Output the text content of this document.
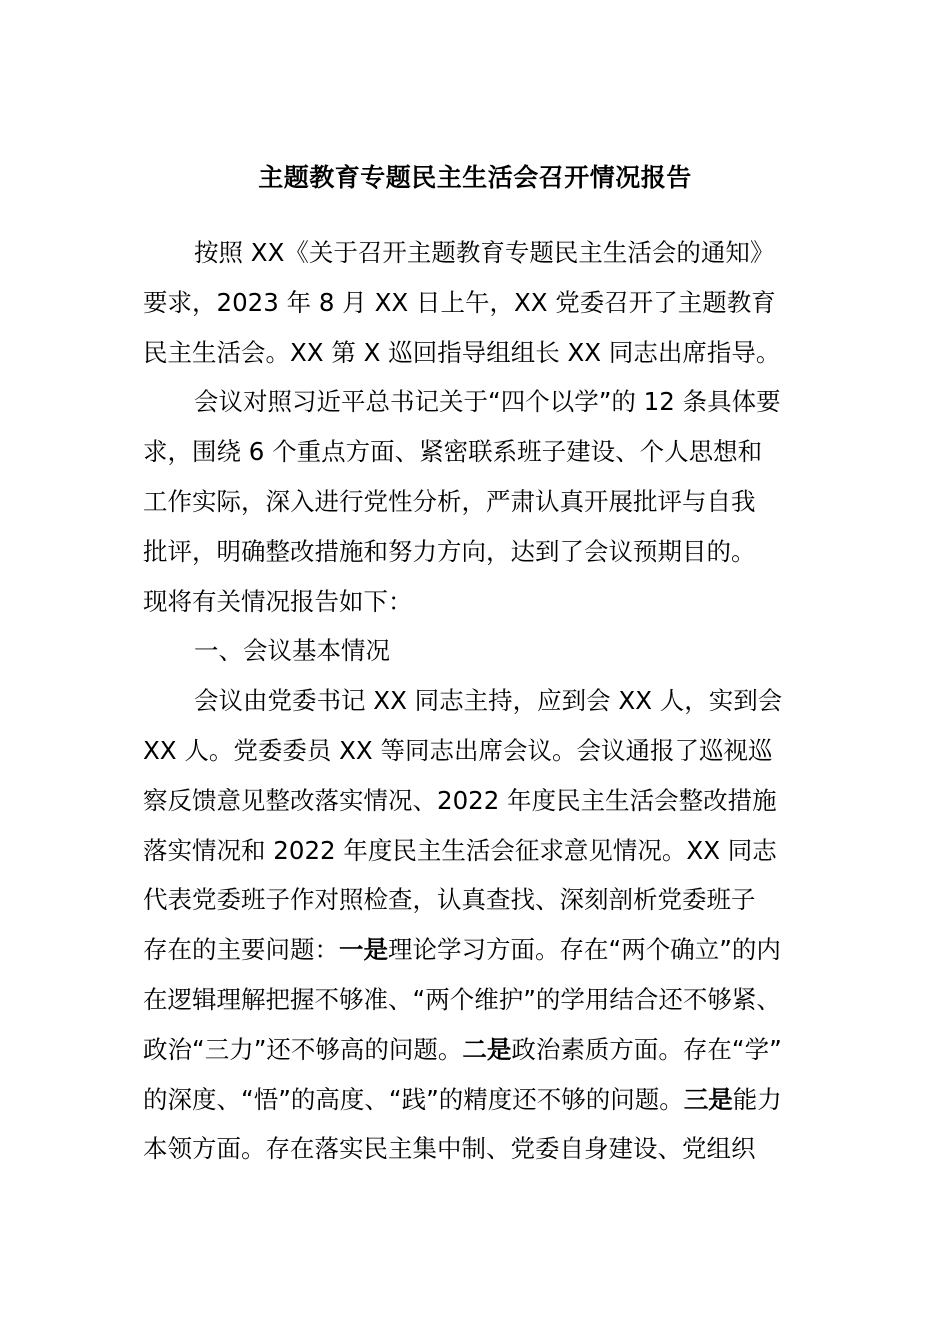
主题教育专题民主生活会召开情况报告
按照 XX《关于召开主题教育专题民主生活会的通知》
要求，2023 年 8 月 XX 日上午，XX 党委召开了主题教育
民主生活会。XX 第 X 巡回指导组组长 XX 同志出席指导。
会议对照习近平总书记关于“四个以学”的 12 条具体要
求，围绕 6 个重点方面、紧密联系班子建设、个人思想和
工作实际，深入进行党性分析，严肃认真开展批评与自我
批评，明确整改措施和努力方向，达到了会议预期目的。
现将有关情况报告如下：
一、会议基本情况
会议由党委书记 XX 同志主持，应到会 XX 人，实到会
XX 人。党委委员 XX 等同志出席会议。会议通报了巡视巡
察反馈意见整改落实情况、2022 年度民主生活会整改措施
落实情况和 2022 年度民主生活会征求意见情况。XX 同志
代表党委班子作对照检查，认真查找、深刻剖析党委班子
存在的主要问题：一是理论学习方面。存在“两个确立”的内
在逻辑理解把握不够准、“两个维护”的学用结合还不够紧、
政治“三力”还不够高的问题。二是政治素质方面。存在“学”
的深度、“悟”的高度、“践”的精度还不够的问题。三是能力
本领方面。存在落实民主集中制、党委自身建设、党组织
